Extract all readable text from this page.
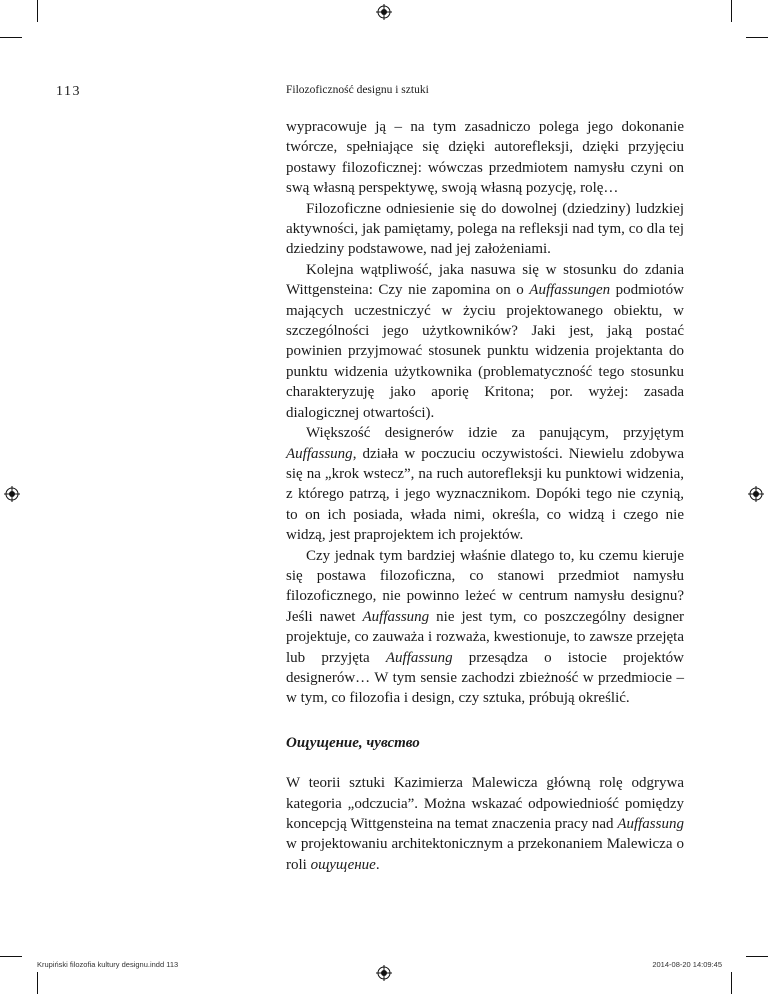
113	Filozoficzność designu i sztuki

wypracowuje ją – na tym zasadniczo polega jego dokonanie twórcze, spełniające się dzięki autorefleksji, dzięki przyjęciu postawy filozoficznej: wówczas przedmiotem namysłu czyni on swą własną perspektywę, swoją własną pozycję, rolę…

Filozoficzne odniesienie się do dowolnej (dziedziny) ludzkiej aktywności, jak pamiętamy, polega na refleksji nad tym, co dla tej dziedziny podstawowe, nad jej założeniami.

Kolejna wątpliwość, jaka nasuwa się w stosunku do zdania Wittgensteina: Czy nie zapomina on o Auffassungen podmiotów mających uczestniczyć w życiu projektowanego obiektu, w szczególności jego użytkowników? Jaki jest, jaką postać powinien przyjmować stosunek punktu widzenia projektanta do punktu widzenia użytkownika (problematyczność tego stosunku charakteryzuję jako aporię Kritona; por. wyżej: zasada dialogicznej otwartości).

Większość designerów idzie za panującym, przyjętym Auffassung, działa w poczuciu oczywistości. Niewielu zdobywa się na „krok wstecz”, na ruch autorefleksji ku punktowi widzenia, z którego patrzą, i jego wyznacznikom. Dopóki tego nie czynią, to on ich posiada, włada nimi, określa, co widzą i czego nie widzą, jest praprojektem ich projektów.

Czy jednak tym bardziej właśnie dlatego to, ku czemu kieruje się postawa filozoficzna, co stanowi przedmiot namysłu filozoficznego, nie powinno leżeć w centrum namysłu designu? Jeśli nawet Auffassung nie jest tym, co poszczególny designer projektuje, co zauważa i rozważa, kwestionuje, to zawsze przejęta lub przyjęta Auffassung przesądza o istocie projektów designerów… W tym sensie zachodzi zbieżność w przedmiocie – w tym, co filozofia i design, czy sztuka, próbują określić.

Ощущение, чувство

W teorii sztuki Kazimierza Malewicza główną rolę odgrywa kategoria „odczucia”. Można wskazać odpowiedniość pomiędzy koncepcją Wittgensteina na temat znaczenia pracy nad Auffassung w projektowaniu architektonicznym a przekonaniem Malewicza o roli ощущение.

Krupiński filozofia kultury designu.indd 113	2014-08-20 14:09:45
